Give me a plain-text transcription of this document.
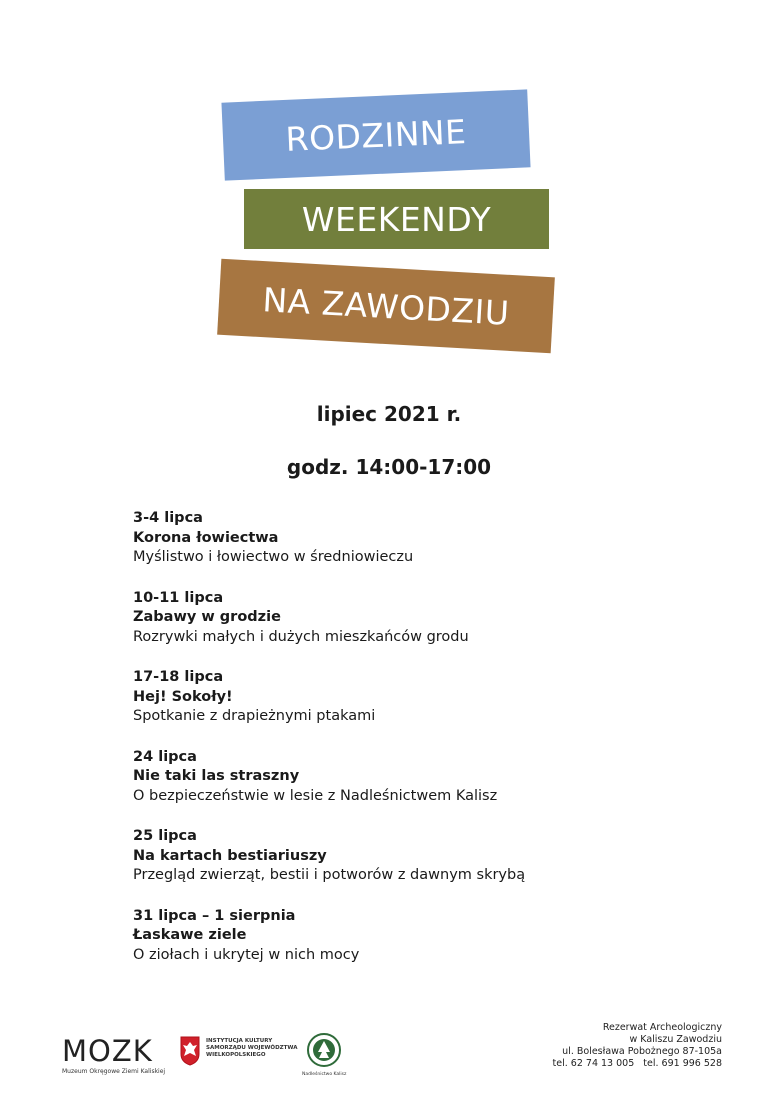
RODZINNE
WEEKENDY
NA ZAWODZIU
lipiec 2021 r.
godz. 14:00-17:00
3-4 lipca
Korona łowiectwa
Myślistwo i łowiectwo w średniowieczu
10-11 lipca
Zabawy w grodzie
Rozrywki małych i dużych mieszkańców grodu
17-18 lipca
Hej! Sokoły!
Spotkanie z drapieżnymi ptakami
24 lipca
Nie taki las straszny
O bezpieczeństwie w lesie z Nadleśnictwem Kalisz
25 lipca
Na kartach bestiariuszy
Przegląd zwierząt, bestii i potworów z dawnym skrybą
31 lipca – 1 sierpnia
Łaskawe ziele
O ziołach i ukrytej w nich mocy
MOZK
Muzeum Okręgowe Ziemi Kaliskiej
INSTYTUCJA KULTURY
SAMORZĄDU WOJEWÓDZTWA
WIELKOPOLSKIEGO
Nadleśnictwo Kalisz
Rezerwat Archeologiczny
w Kaliszu Zawodziu
ul. Bolesława Pobożnego 87-105a
tel. 62 74 13 005   tel. 691 996 528
